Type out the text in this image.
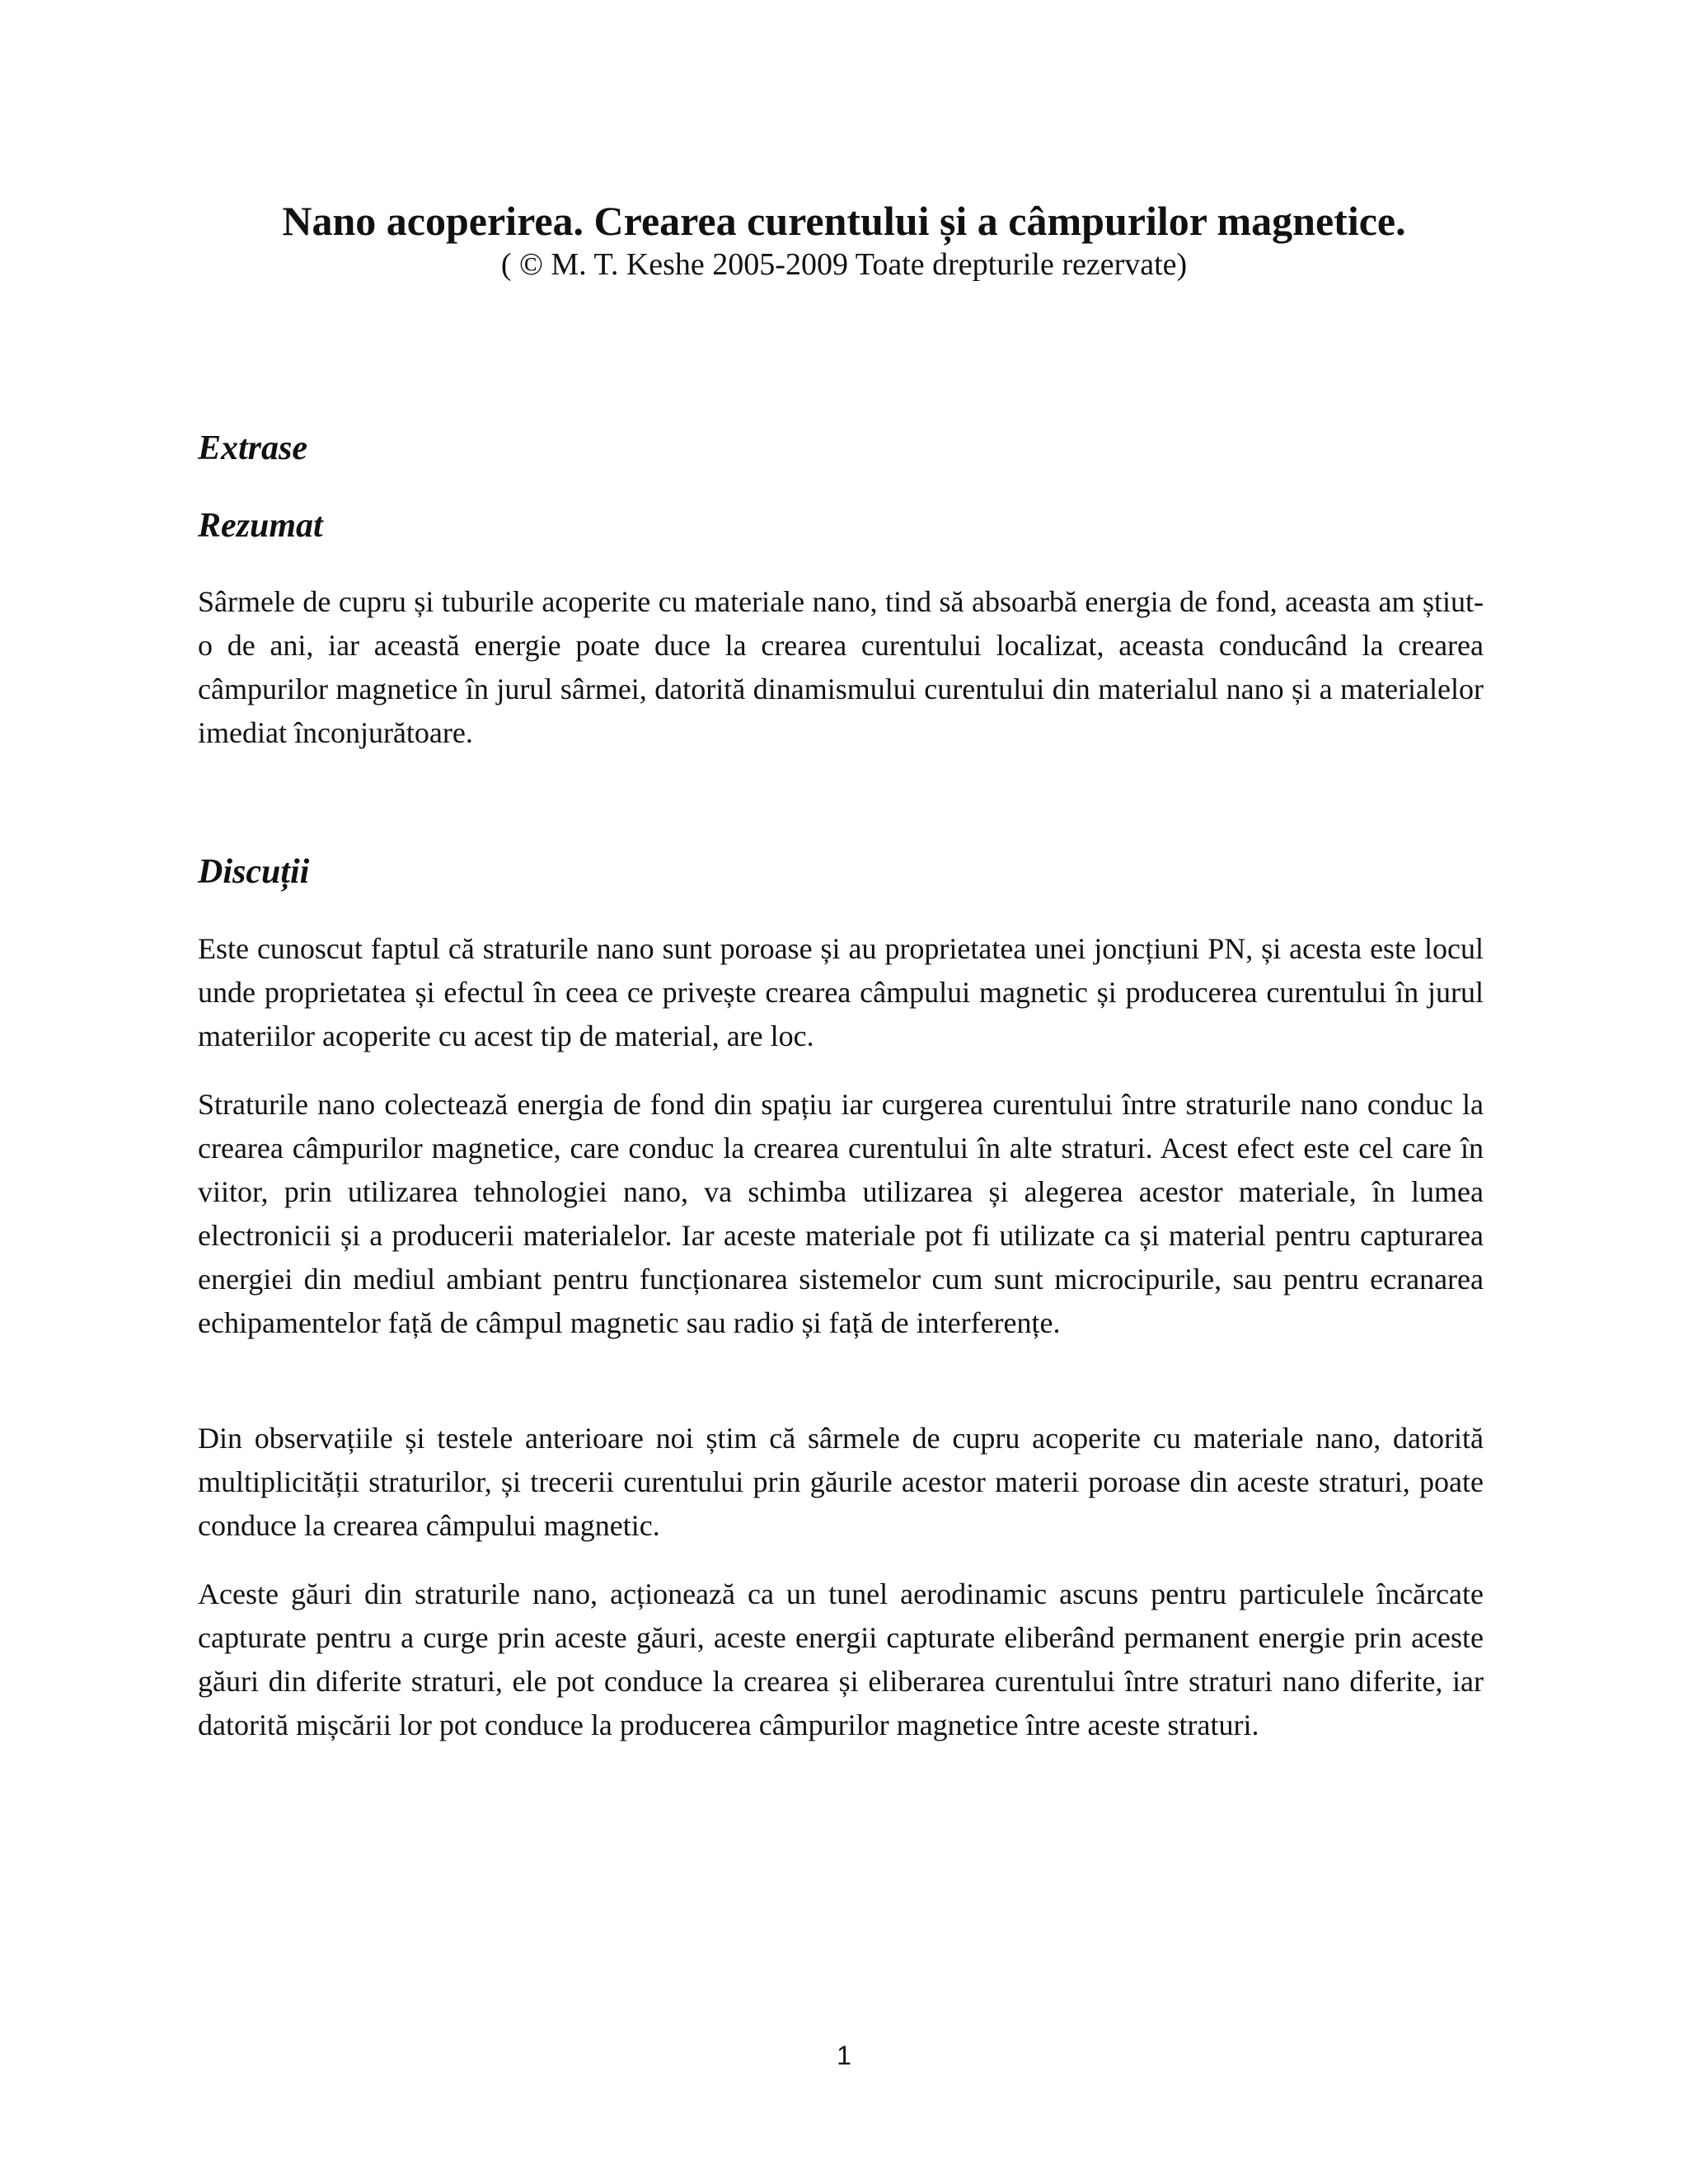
Nano acoperirea. Crearea curentului și a câmpurilor magnetice.
( © M. T. Keshe 2005-2009 Toate drepturile rezervate)
Extrase
Rezumat

Sârmele de cupru și tuburile acoperite cu materiale nano, tind să absoarbă energia de fond, aceasta am știut-o de ani, iar această energie poate duce la crearea curentului localizat, aceasta conducând la crearea câmpurilor magnetice în jurul sârmei, datorită dinamismului curentului din materialul nano și a materialelor imediat înconjurătoare.

Discuții

Este cunoscut faptul că straturile nano sunt poroase și au proprietatea unei joncțiuni PN, și acesta este locul unde proprietatea și efectul în ceea ce privește crearea câmpului magnetic și producerea curentului în jurul materiilor acoperite cu acest tip de material, are loc.

Straturile nano colectează energia de fond din spațiu iar curgerea curentului între straturile nano conduc la crearea câmpurilor magnetice, care conduc la crearea curentului în alte straturi. Acest efect este cel care în viitor, prin utilizarea tehnologiei nano, va schimba utilizarea și alegerea acestor materiale, în lumea electronicii și a producerii materialelor. Iar aceste materiale pot fi utilizate ca și material pentru capturarea energiei din mediul ambiant pentru funcționarea sistemelor cum sunt microcipurile, sau pentru ecranarea echipamentelor față de câmpul magnetic sau radio și față de interferențe.

Din observațiile și testele anterioare noi știm că sârmele de cupru acoperite cu materiale nano, datorită multiplicității straturilor, și trecerii curentului prin găurile acestor materii poroase din aceste straturi, poate conduce la crearea câmpului magnetic.

Aceste găuri din straturile nano, acționează ca un tunel aerodinamic ascuns pentru particulele încărcate capturate pentru a curge prin aceste găuri, aceste energii capturate eliberând permanent energie prin aceste găuri din diferite straturi, ele pot conduce la crearea și eliberarea curentului între straturi nano diferite, iar datorită mișcării lor pot conduce la producerea câmpurilor magnetice între aceste straturi.

1
